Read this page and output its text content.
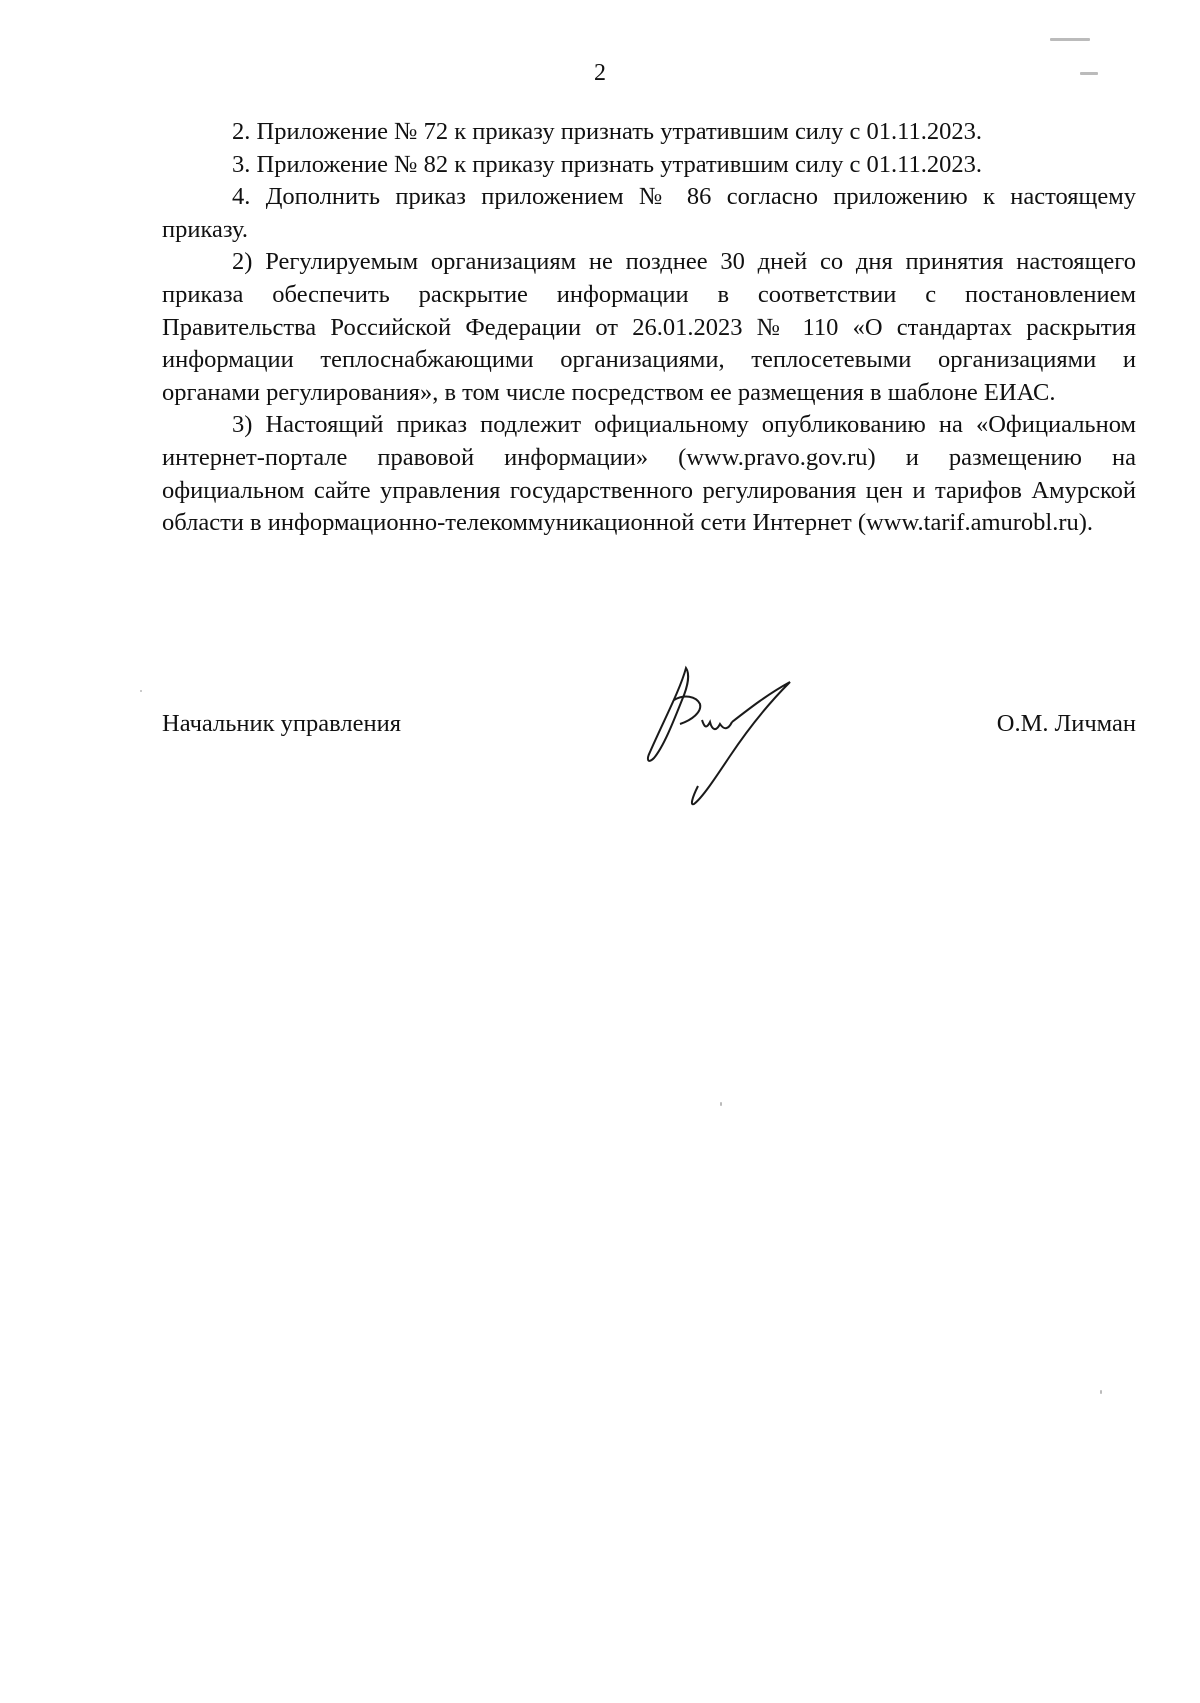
2

2. Приложение № 72 к приказу признать утратившим силу с 01.11.2023.

3. Приложение № 82 к приказу признать утратившим силу с 01.11.2023.

4. Дополнить приказ приложением № 86 согласно приложению к настоящему приказу.

2) Регулируемым организациям не позднее 30 дней со дня принятия настоящего приказа обеспечить раскрытие информации в соответствии с постановлением Правительства Российской Федерации от 26.01.2023 № 110 «О стандартах раскрытия информации теплоснабжающими организациями, теплосетевыми организациями и органами регулирования», в том числе посредством ее размещения в шаблоне ЕИАС.

3) Настоящий приказ подлежит официальному опубликованию на «Официальном интернет-портале правовой информации» (www.pravo.gov.ru) и размещению на официальном сайте управления государственного регулирования цен и тарифов Амурской области в информационно-телекоммуникационной сети Интернет (www.tarif.amurobl.ru).

Начальник управления	О.М. Личман
